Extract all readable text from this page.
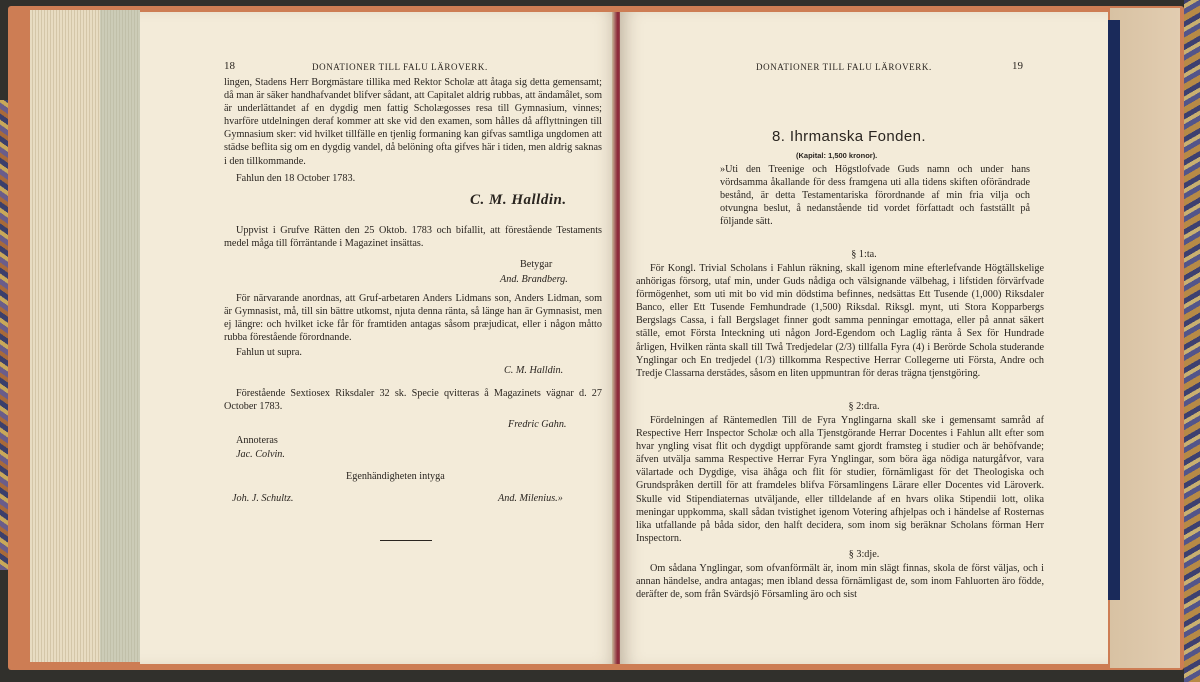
18	DONATIONER TILL FALU LÄROVERK.

lingen, Stadens Herr Borgmästare tillika med Rektor Scholæ att åtaga sig detta gemensamt; då man är säker handhafvandet blifver sådant, att Capitalet aldrig rubbas, att ändamålet, som är underlättandet af en dygdig men fattig Scholægosses resa till Gymnasium, vinnes; hvarföre utdelningen deraf kommer att ske vid den examen, som hålles då afflyttningen till Gymnasium sker: vid hvilket tillfälle en tjenlig formaning kan gifvas samtliga ungdomen att städse beflita sig om en dygdig vandel, då belöning ofta gifves här i tiden, men aldrig saknas i den tillkommande.

Fahlun den 18 October 1783.
C. M. Halldin.

Uppvist i Grufve Rätten den 25 Oktob. 1783 och bifallit, att förestående Testaments medel måga till förräntande i Magazinet insättas.

Betygar
And. Brandberg.

För närvarande anordnas, att Gruf-arbetaren Anders Lidmans son, Anders Lidman, som är Gymnasist, må, till sin bättre utkomst, njuta denna ränta, så länge han är Gymnasist, men ej längre: och hvilket icke får för framtiden antagas såsom præjudicat, eller i någon måtto rubba förestående förordnande.

Fahlun ut supra.
C. M. Halldin.

Förestående Sextiosex Riksdaler 32 sk. Specie qvitteras å Magazinets vägnar d. 27 October 1783.

Fredric Gahn.
Annoteras
Jac. Colvin.
Egenhändigheten intyga
Joh. J. Schultz.	And. Milenius.»
DONATIONER TILL FALU LÄROVERK.	19
8. Ihrmanska Fonden.
(Kapital: 1,500 kronor).

»Uti den Treenige och Högstlofvade Guds namn och under hans vördsamma åkallande för dess framgena uti alla tidens skiften oförändrade bestånd, är detta Testamentariska förordnande af min fria vilja och otvungna beslut, å nedanstående tid vordet författadt och fastställt på följande sätt.

§ 1:ta.

För Kongl. Trivial Scholans i Fahlun räkning, skall igenom mine efterlefvande Högtällskelige anhörigas försorg, utaf min, under Guds nådiga och välsignande välbehag, i lifstiden förvärfvade förmögenhet, som uti mit bo vid min dödstima befinnes, nedsättas Ett Tusende (1,000) Riksdaler Banco, eller Ett Tusende Femhundrade (1,500) Riksdal. Riksgl. mynt, uti Stora Kopparbergs Bergslags Cassa, i fall Bergslaget finner godt samma penningar emottaga, eller på annat säkert ställe, emot Första Inteckning uti någon Jord-Egendom och Laglig ränta å Sex för Hundrade årligen, Hvilken ränta skall till Twå Tredjedelar (2/3) tillfalla Fyra (4) i Berörde Schola studerande Ynglingar och En tredjedel (1/3) tillkomma Respective Herrar Collegerne uti Första, Andre och Tredje Classarna derstädes, såsom en liten uppmuntran för deras trägna tjenstgöring.

§ 2:dra.

Fördelningen af Räntemedlen Till de Fyra Ynglingarna skall ske i gemensamt samråd af Respective Herr Inspector Scholæ och alla Tjenstgörande Herrar Docentes i Fahlun allt efter som hvar yngling visat flit och dygdigt uppförande samt gjordt framsteg i studier och är behöfvande; äfven utvälja samma Respective Herrar Fyra Ynglingar, som böra äga nödiga naturgåfvor, vara välartade och Dygdige, visa ähåga och flit för studier, förnämligast för det Theologiska och Grundspråken dertill för att framdeles blifva Församlingens Lärare eller Docentes vid Läroverk. Skulle vid Stipendiaternas utväljande, eller tilldelande af en hvars olika Stipendii lott, olika meningar uppkomma, skall sådan tvistighet igenom Votering afhjelpas och i händelse af Rosternas lika utfallande på båda sidor, den halft decidera, som inom sig beräknar Scholans förman Herr Inspectorn.

§ 3:dje.

Om sådana Ynglingar, som ofvanförmält är, inom min slägt finnas, skola de först väljas, och i annan händelse, andra antagas; men ibland dessa förnämligast de, som inom Fahluorten äro födde, deräfter de, som från Svärdsjö Församling äro och sist
